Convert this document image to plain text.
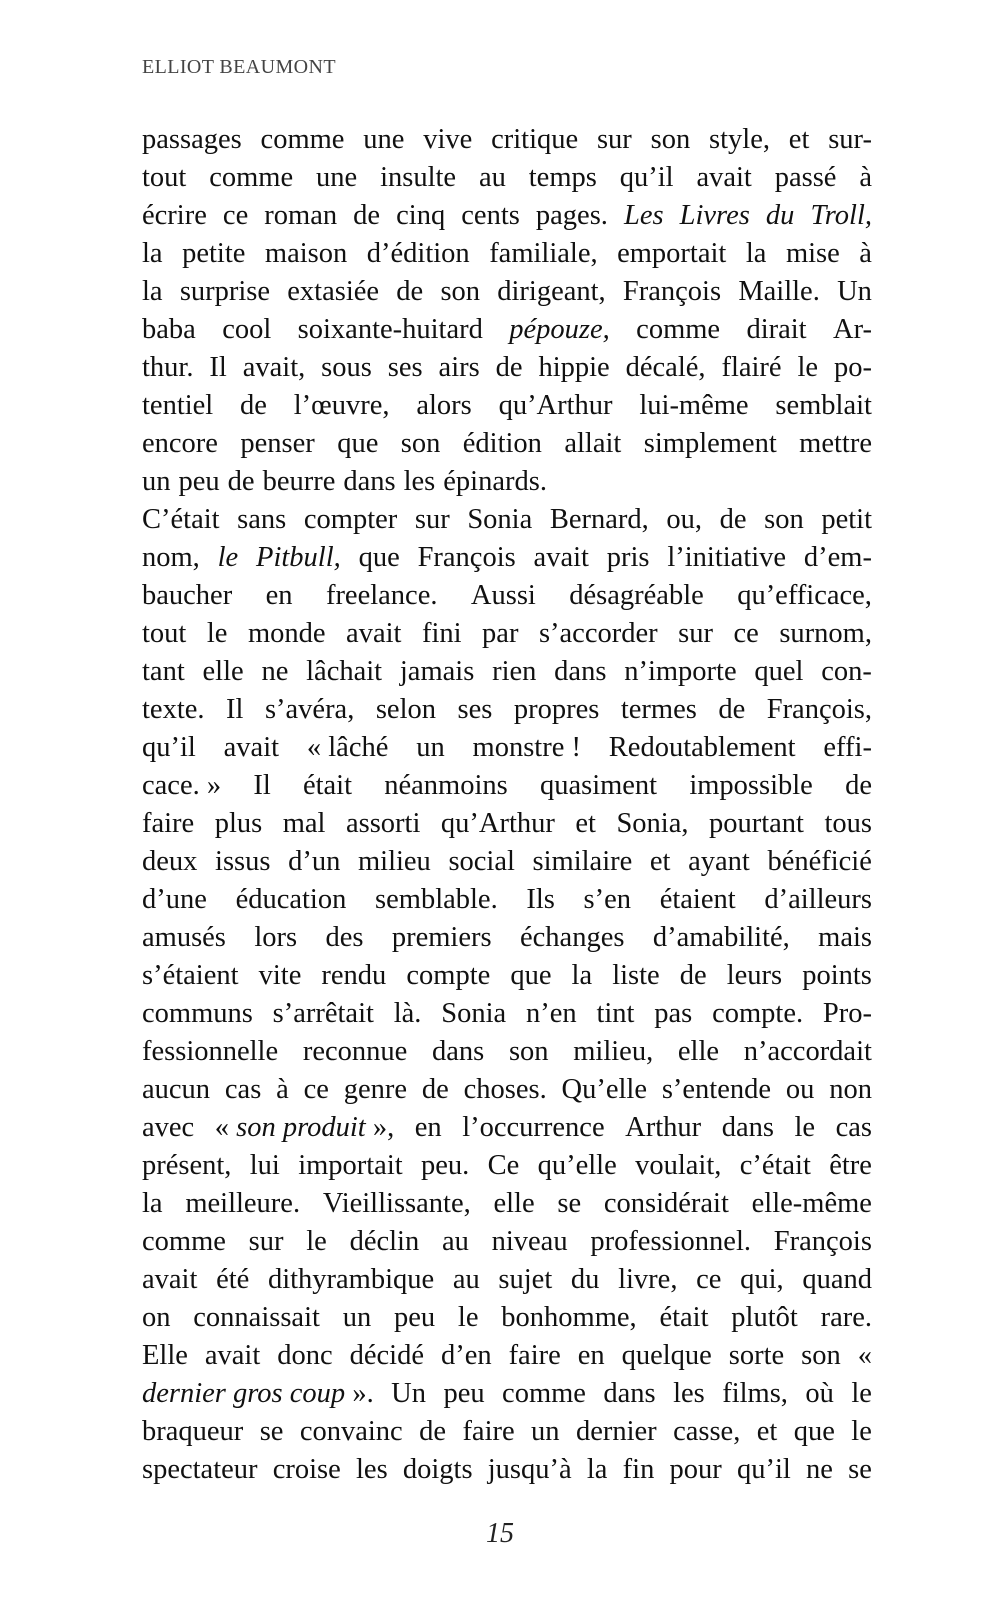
ELLIOT BEAUMONT
passages comme une vive critique sur son style, et sur-
tout comme une insulte au temps qu’il avait passé à
écrire ce roman de cinq cents pages. Les Livres du Troll,
la petite maison d’édition familiale, emportait la mise à
la surprise extasiée de son dirigeant, François Maille. Un
baba cool soixante-huitard pépouze, comme dirait Ar-
thur. Il avait, sous ses airs de hippie décalé, flairé le po-
tentiel de l’œuvre, alors qu’Arthur lui-même semblait
encore penser que son édition allait simplement mettre
un peu de beurre dans les épinards.
C’était sans compter sur Sonia Bernard, ou, de son petit
nom, le Pitbull, que François avait pris l’initiative d’em-
baucher en freelance. Aussi désagréable qu’efficace,
tout le monde avait fini par s’accorder sur ce surnom,
tant elle ne lâchait jamais rien dans n’importe quel con-
texte. Il s’avéra, selon ses propres termes de François,
qu’il avait « lâché un monstre ! Redoutablement effi-
cace. » Il était néanmoins quasiment impossible de
faire plus mal assorti qu’Arthur et Sonia, pourtant tous
deux issus d’un milieu social similaire et ayant bénéficié
d’une éducation semblable. Ils s’en étaient d’ailleurs
amusés lors des premiers échanges d’amabilité, mais
s’étaient vite rendu compte que la liste de leurs points
communs s’arrêtait là. Sonia n’en tint pas compte. Pro-
fessionnelle reconnue dans son milieu, elle n’accordait
aucun cas à ce genre de choses. Qu’elle s’entende ou non
avec « son produit », en l’occurrence Arthur dans le cas
présent, lui importait peu. Ce qu’elle voulait, c’était être
la meilleure. Vieillissante, elle se considérait elle-même
comme sur le déclin au niveau professionnel. François
avait été dithyrambique au sujet du livre, ce qui, quand
on connaissait un peu le bonhomme, était plutôt rare.
Elle avait donc décidé d’en faire en quelque sorte son «
dernier gros coup ». Un peu comme dans les films, où le
braqueur se convainc de faire un dernier casse, et que le
spectateur croise les doigts jusqu’à la fin pour qu’il ne se
15
